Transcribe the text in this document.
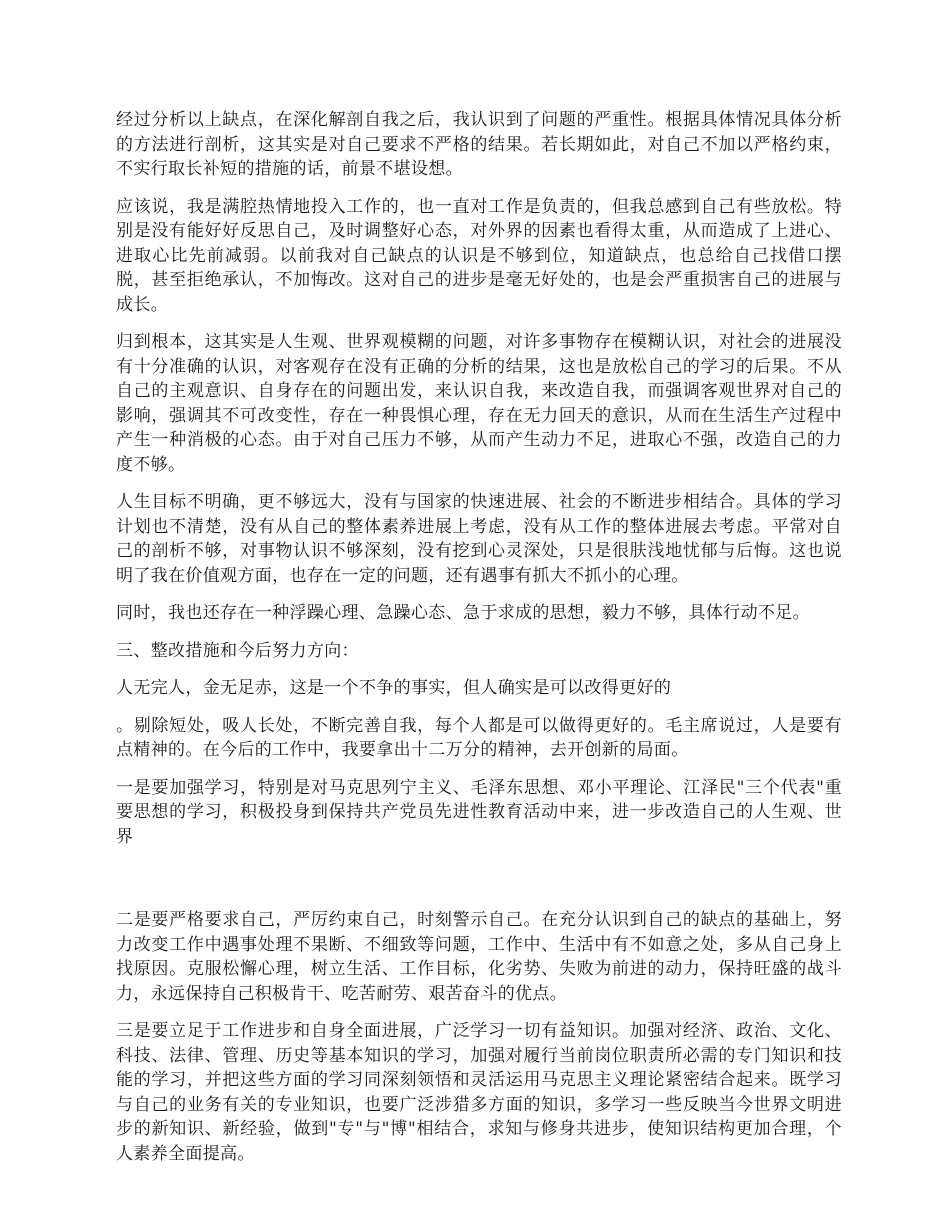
经过分析以上缺点，在深化解剖自我之后，我认识到了问题的严重性。根据具体情况具体分析的方法进行剖析，这其实是对自己要求不严格的结果。若长期如此，对自己不加以严格约束，不实行取长补短的措施的话，前景不堪设想。

应该说，我是满腔热情地投入工作的，也一直对工作是负责的，但我总感到自己有些放松。特别是没有能好好反思自己，及时调整好心态，对外界的因素也看得太重，从而造成了上进心、进取心比先前减弱。以前我对自己缺点的认识是不够到位，知道缺点，也总给自己找借口摆脱，甚至拒绝承认，不加悔改。这对自己的进步是毫无好处的，也是会严重损害自己的进展与成长。

归到根本，这其实是人生观、世界观模糊的问题，对许多事物存在模糊认识，对社会的进展没有十分准确的认识，对客观存在没有正确的分析的结果，这也是放松自己的学习的后果。不从自己的主观意识、自身存在的问题出发，来认识自我，来改造自我，而强调客观世界对自己的影响，强调其不可改变性，存在一种畏惧心理，存在无力回天的意识，从而在生活生产过程中产生一种消极的心态。由于对自己压力不够，从而产生动力不足，进取心不强，改造自己的力度不够。

人生目标不明确，更不够远大，没有与国家的快速进展、社会的不断进步相结合。具体的学习计划也不清楚，没有从自己的整体素养进展上考虑，没有从工作的整体进展去考虑。平常对自己的剖析不够，对事物认识不够深刻，没有挖到心灵深处，只是很肤浅地忧郁与后悔。这也说明了我在价值观方面，也存在一定的问题，还有遇事有抓大不抓小的心理。

同时，我也还存在一种浮躁心理、急躁心态、急于求成的思想，毅力不够，具体行动不足。

三、整改措施和今后努力方向：

人无完人，金无足赤，这是一个不争的事实，但人确实是可以改得更好的

。剔除短处，吸人长处，不断完善自我，每个人都是可以做得更好的。毛主席说过，人是要有点精神的。在今后的工作中，我要拿出十二万分的精神，去开创新的局面。

一是要加强学习，特别是对马克思列宁主义、毛泽东思想、邓小平理论、江泽民"三个代表"重要思想的学习，积极投身到保持共产党员先进性教育活动中来，进一步改造自己的人生观、世界

二是要严格要求自己，严厉约束自己，时刻警示自己。在充分认识到自己的缺点的基础上，努力改变工作中遇事处理不果断、不细致等问题，工作中、生活中有不如意之处，多从自己身上找原因。克服松懈心理，树立生活、工作目标，化劣势、失败为前进的动力，保持旺盛的战斗力，永远保持自己积极肯干、吃苦耐劳、艰苦奋斗的优点。

三是要立足于工作进步和自身全面进展，广泛学习一切有益知识。加强对经济、政治、文化、科技、法律、管理、历史等基本知识的学习，加强对履行当前岗位职责所必需的专门知识和技能的学习，并把这些方面的学习同深刻领悟和灵活运用马克思主义理论紧密结合起来。既学习与自己的业务有关的专业知识，也要广泛涉猎多方面的知识，多学习一些反映当今世界文明进步的新知识、新经验，做到"专"与"博"相结合，求知与修身共进步，使知识结构更加合理，个人素养全面提高。
